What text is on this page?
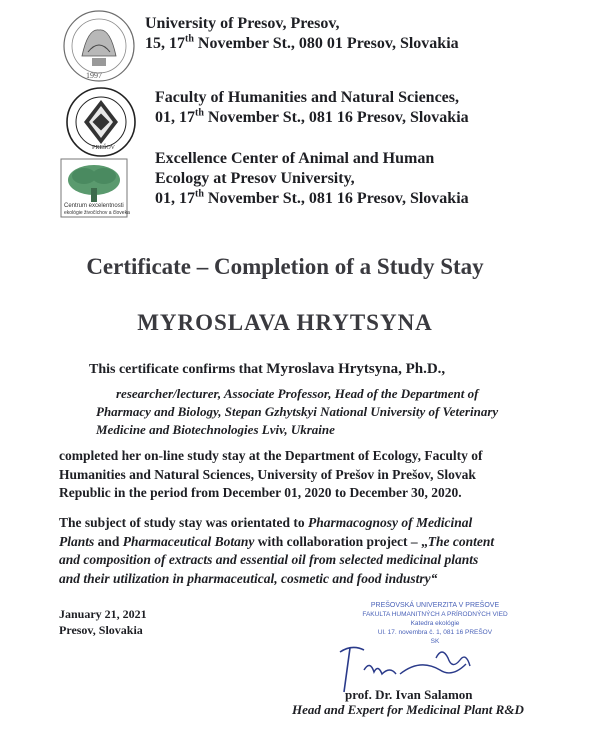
1997
PREŠOV
Centrum excelentnosti
ekológie živočíchov a človeka
University of Presov, Presov,
15, 17th November St., 080 01 Presov, Slovakia
Faculty of Humanities and Natural Sciences,
01, 17th November St., 081 16 Presov, Slovakia
Excellence Center of Animal and Human
Ecology at Presov University,
01, 17th November St., 081 16 Presov, Slovakia
Certificate – Completion of a Study Stay
MYROSLAVA HRYTSYNA
This certificate confirms that Myroslava Hrytsyna, Ph.D.,
researcher/lecturer, Associate Professor, Head of the Department of
Pharmacy and Biology, Stepan Gzhytskyi National University of Veterinary
Medicine and Biotechnologies Lviv, Ukraine
completed her on-line study stay at the Department of Ecology, Faculty of
Humanities and Natural Sciences, University of Prešov in Prešov, Slovak
Republic in the period from December 01, 2020 to December 30, 2020.
The subject of study stay was orientated to Pharmacognosy of Medicinal
Plants and Pharmaceutical Botany with collaboration project – „The content
and composition of extracts and essential oil from selected medicinal plants
and their utilization in pharmaceutical, cosmetic and food industry“
January 21, 2021
Presov, Slovakia
PREŠOVSKÁ UNIVERZITA V PREŠOVE
FAKULTA HUMANITNÝCH A PRÍRODNÝCH VIED
Katedra ekológie
Ul. 17. novembra č. 1, 081 16 PREŠOV
SK
prof. Dr. Ivan Salamon
Head and Expert for Medicinal Plant R&D
